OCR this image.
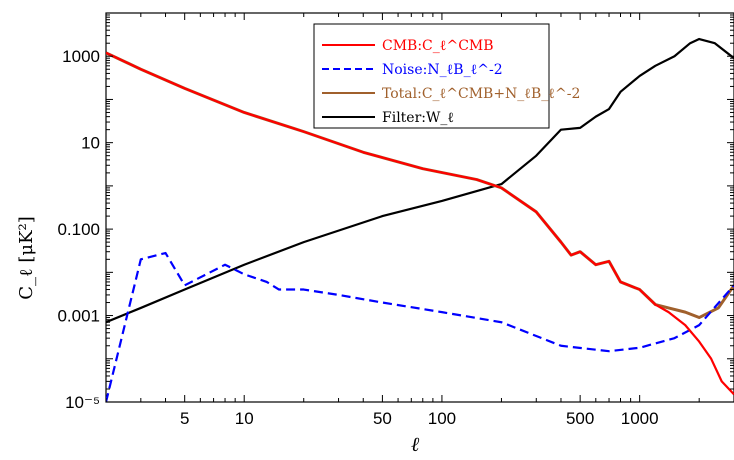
5	10	50 100	500 1000
10⁻⁵
0.001
0.100
10
1000
ℓ
C_ℓ [μK²]
CMB:C_ℓ^CMB
Noise:N_ℓB_ℓ^-2
Total:C_ℓ^CMB+N_ℓB_ℓ^-2
Filter:W_ℓ
